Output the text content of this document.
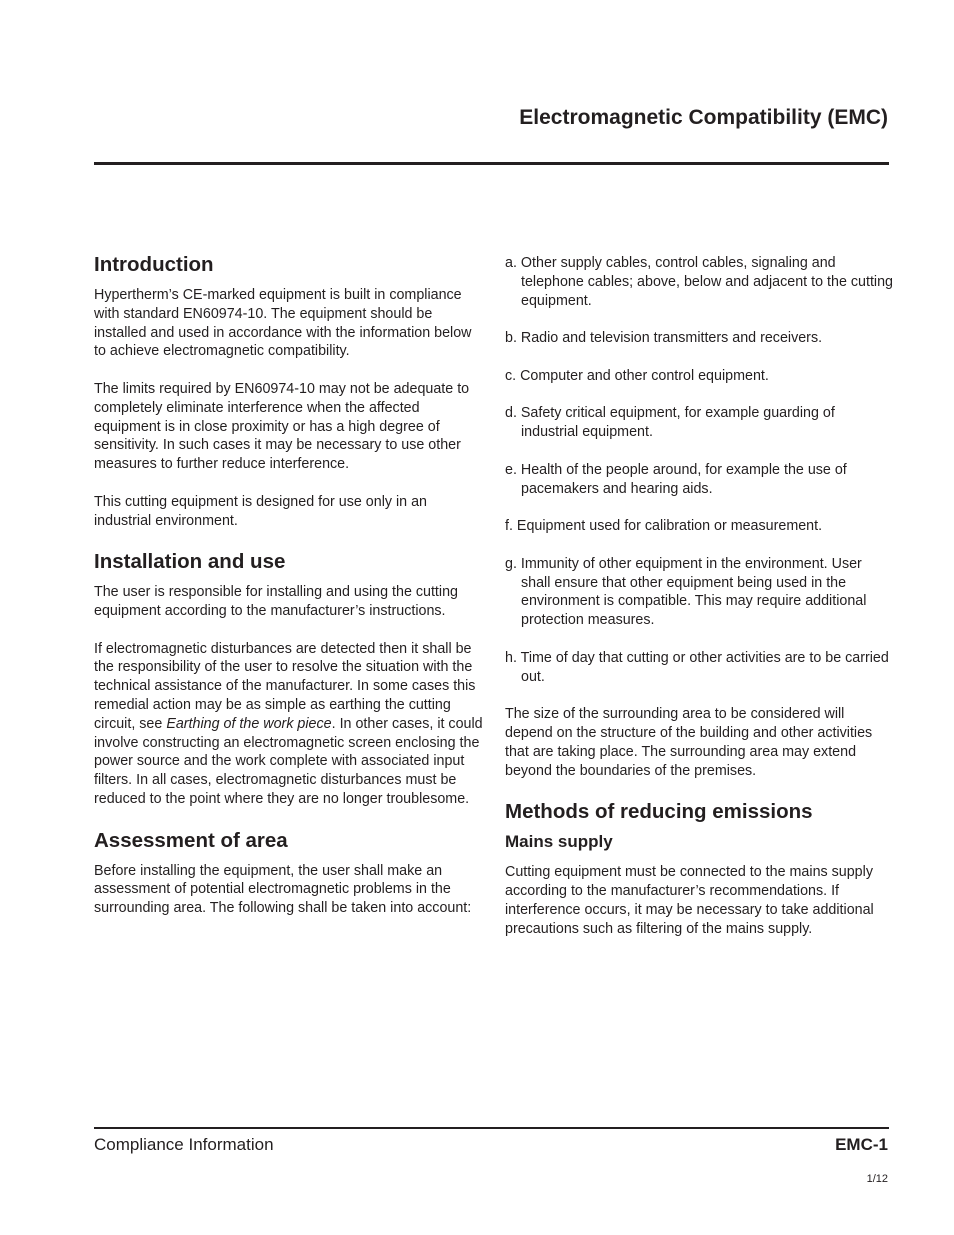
Electromagnetic Compatibility (EMC)
Introduction

Hypertherm’s CE-marked equipment is built in compliance with standard EN60974-10. The equipment should be installed and used in accordance with the information below to achieve electromagnetic compatibility.

The limits required by EN60974-10 may not be adequate to completely eliminate interference when the affected equipment is in close proximity or has a high degree of sensitivity. In such cases it may be necessary to use other measures to further reduce interference.

This cutting equipment is designed for use only in an industrial environment.

Installation and use

The user is responsible for installing and using the cutting equipment according to the manufacturer’s instructions.

If electromagnetic disturbances are detected then it shall be the responsibility of the user to resolve the situation with the technical assistance of the manufacturer. In some cases this remedial action may be as simple as earthing the cutting circuit, see Earthing of the work piece. In other cases, it could involve constructing an electromagnetic screen enclosing the power source and the work complete with associated input filters. In all cases, electromagnetic disturbances must be reduced to the point where they are no longer troublesome.

Assessment of area

Before installing the equipment, the user shall make an assessment of potential electromagnetic problems in the surrounding area. The following shall be taken into account:

a. Other supply cables, control cables, signaling and telephone cables; above, below and adjacent to the cutting equipment.

b. Radio and television transmitters and receivers.

c. Computer and other control equipment.

d. Safety critical equipment, for example guarding of industrial equipment.

e. Health of the people around, for example the use of pacemakers and hearing aids.

f. Equipment used for calibration or measurement.

g. Immunity of other equipment in the environment. User shall ensure that other equipment being used in the environment is compatible. This may require additional protection measures.

h. Time of day that cutting or other activities are to be carried out.

The size of the surrounding area to be considered will depend on the structure of the building and other activities that are taking place. The surrounding area may extend beyond the boundaries of the premises.

Methods of reducing emissions
Mains supply

Cutting equipment must be connected to the mains supply according to the manufacturer’s recommendations. If interference occurs, it may be necessary to take additional precautions such as filtering of the mains supply.

Compliance Information	EMC-1
1/12
